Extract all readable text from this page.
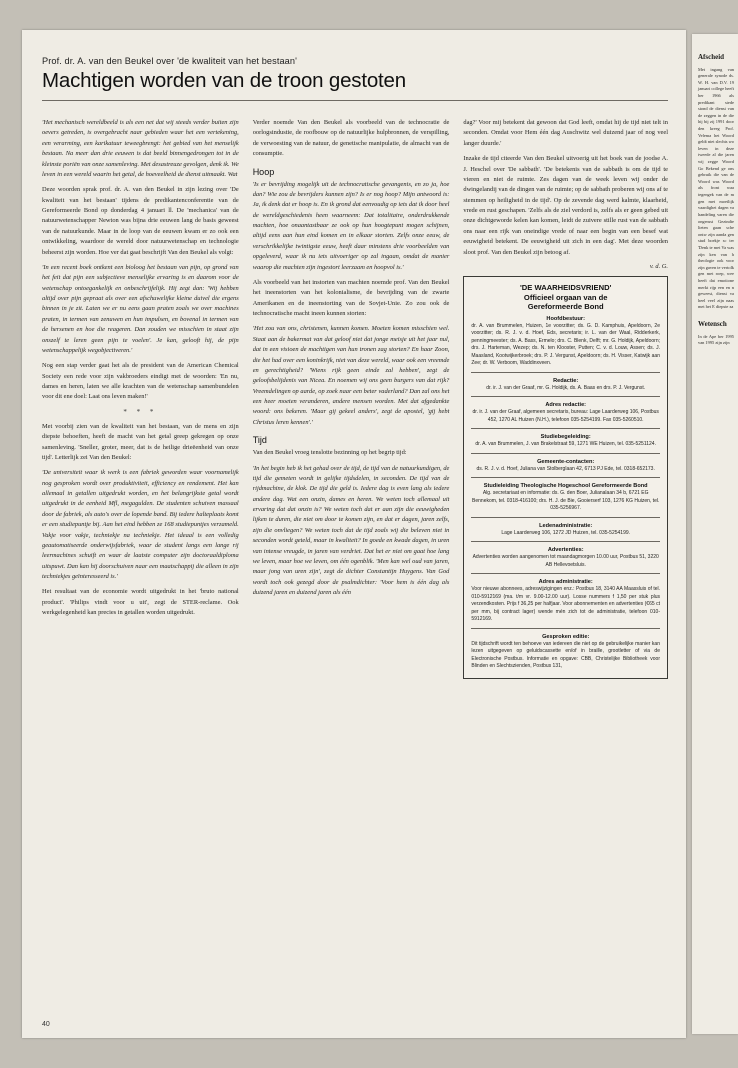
Afscheid
Met ingang van generale synode ds. W. H. van D.V. 19 januari college heeft ber 1966 als predikant stede stond de dienst van de zeggen in de die hij bij zij 1991 door den kreeg Prof. Velema het Woord geldt niet slechts wo leven in deze tweede al die jaren wij zegge Woord Go Bekend ge ons gebruik die van de Woord was Woord als front waa tegengek van de m gen met moeilijk vaardighei dagen va handeling varen die ongerust Gezindte lieten gaan sche ontw zijn aanda gen stud boekje sc ter 'Denk te met Va was zijn ken van h theologie ook voor zijn gaven te vertolk gen met roep, wee heeft dat emotione merkt rijp een en n geweest, dienst va heel veel zijn naas met het E diepste za
Wetensch
In de Ape ber 1995 van 1995 zijn zijn
Prof. dr. A. van den Beukel over 'de kwaliteit van het bestaan'
Machtigen worden van de troon gestoten

'Het mechanisch wereldbeeld is als een net dat wij steeds verder buiten zijn oevers getreden, is overgebracht naar gebieden waar het een vertekening, een verarming, een karikatuur teweegbrengt: het gebied van het menselijk bestaan. Na meer dan drie eeuwen is dat beeld binnengedrongen tot in de kleinste poriën van onze samenleving. Met desastreuze gevolgen, denk ik. We leven in een wereld waarin het getal, de hoeveelheid de dienst uitmaakt. Wat

Deze woorden sprak prof. dr. A. van den Beukel in zijn lezing over 'De kwaliteit van het bestaan' tijdens de predikantenconferentie van de Gereformeerde Bond op donderdag 4 januari ll. De 'mechanica' van de natuurwetenschapper Newton was bijna drie eeuwen lang de basis geweest van de natuurkunde. Maar in de loop van de eeuwen kwam er zo ook een ontwikkeling, waardoor de wereld door natuurwetenschap en technologie beheerst zijn worden. Hoe ver dat gaat beschrijft Van den Beukel als volgt:

'In een recent boek ontkent een bioloog het bestaan van pijn, op grond van het feit dat pijn een subjectieve menselijke ervaring is en daarom voor de wetenschap ontoegankelijk en onbeschrijfelijk. Hij zegt dan: 'Wij hebben altijd over pijn gepraat als over een afschuwelijke kleine duivel die ergens binnen in je zit. Laten we er nu eens gaan praten zoals we over machines praten, in termen van zenuwen en hun impulsen, en bovenal in termen van de hersenen en hoe die reageren. Dan zouden we misschien in staat zijn onszelf te leren geen pijn te voelen'. Je kan, gelooft hij, de pijn wetenschappelijk wegobjectiveren.'

Nog een stap verder gaat het als de president van de American Chemical Society een rede voor zijn vakbroeders eindigt met de woorden: 'En nu, dames en heren, laten we alle krachten van de wetenschap samenbundelen voor dit ene doel: Laat ons leven maken!'

* * *

Met voorbij zien van de kwaliteit van het bestaan, van de mens en zijn diepste behoeften, heeft de macht van het getal greep gekregen op onze samenleving. 'Sneller, groter, meer, dat is de heilige drieëenheid van onze tijd'. Letterlijk zei Van den Beukel:

'De universiteit waar ik werk is een fabriek geworden waar voornamelijk nog gesproken wordt over produktiviteit, efficiency en rendement. Het kan allemaal in getallen uitgedrukt worden, en het belangrijkste getal wordt uitgedrukt in de eenheid Mfl, megagulden. De studenten schuiven massaal door de fabriek, als auto's over de lopende band. Bij iedere halteplaats komt er een studiepuntje bij. Aan het eind hebben ze 168 studiepuntjes verzameld. Vakje voor vakje, techniekje na techniekje. Het ideaal is een volledig geautomatiseerde onderwijsfabriek, waar de student langs een lange rij leermachines schuift en waar de laatste computer zijn doctoraaldiploma uitspuwt. Dan kan hij doorschuiven naar een maatschappij die alleen in zijn techniekjes geïnteresseerd is.'

Het resultaat van de economie wordt uitgedrukt in het 'bruto national product'. 'Philips vindt voor u uit', zegt de STER-reclame. Ook werkgelegenheid kan precies in getallen worden uitgedrukt.

Verder noemde Van den Beukel als voorbeeld van de technocratie de oorlogsindustie, de roofbouw op de natuurlijke hulpbronnen, de verspilling, de verwoesting van de natuur, de genetische manipulatie, de almacht van de consumptie.

Hoop

'Is er bevrijding mogelijk uit de technocratische gevangenis, en zo ja, hoe dan? Wie zou de bevrijders kunnen zijn? Is er nog hoop? Mijn antwoord is: Ja, ik denk dat er hoop is. En ik grond dat eenvoudig op iets dat ik door heel de wereldgeschiedenis heen waarneem: Dat totalitaire, onderdrukkende machten, hoe onaantastbaar ze ook op hun hoogtepunt mogen schijnen, altijd eens aan hun eind komen en in elkaar storten. Zelfs onze eeuw, de verschrikkelijke twintigste eeuw, heeft daar minstens drie voorbeelden van opgeleverd, waar ik nu iets uitvoeriger op zal ingaan, omdat de manier waarop die machten zijn ingestort leerzaam en hoopvol is.'

Als voorbeeld van het instorten van machten noemde prof. Van den Beukel het ineenstorten van het kolonialisme, de bevrijding van de zwarte Amerikanen en de ineenstorting van de Sovjet-Unie. Zo zou ook de technocratische macht ineen kunnen storten:

'Het zou van ons, christenen, kunnen komen. Moeten komen misschien wel. Staat aan de bakermat van dat geloof niet dat jonge meisje uit het jaar nul, dat in een visioen de machtigen van hun tronen zag storten? En haar Zoon, die het had over een koninkrijk, niet van deze wereld, waar ook een vreemde en gerechtigheid? 'Wiens rijk geen einde zal hebben', zegt de geloofsbelijdenis van Nicea. En noemen wij ons geen burgers van dat rijk? Vreemdelingen op aarde, op zoek naar een beter vaderland? Dan zal ons het een heer moeten veranderen, andere mensen worden. Met dat afgedankte woord: ons bekeren. 'Maar gij gekeel anders', zegt de apostel, 'gij hebt Christus leren kennen'.'

Tijd

Van den Beukel vroeg tenslotte bezinning op het begrip tijd:

'In het begin heb ik het gehad over de tijd, de tijd van de natuurkundigen, de tijd die gemeten wordt in gelijke tijdsdelen, in seconden. De tijd van de rijdmachine, de klok. De tijd die geld is. Iedere dag is even lang als iedere andere dag. Wat een onzin, dames en heren. We weten toch allemaal uit ervaring dat dat onzin is? We weten toch dat er aan zijn die eeuwigheden lijken te duren, die niet om door te komen zijn, en dat er dagen, jaren zelfs, zijn die onvliegen? We weten toch dat de tijd zoals wij die beleven niet in seconden wordt geteld, maar in kwaliteit? In goede en kwade dagen, in uren van intense vreugde, in jaren van verdriet. Dat het er niet om gaat hoe lang we leven, maar hoe we leven, om één ogenblik. 'Men kan wel oud van jaren, maar jong van uren zijn', zegt de dichter Constantijn Huygens. Van God wordt toch ook gezegd door de psalmdichter: 'Voor hem is één dag als duizend jaren en duizend jaren als één

dag?' Voor mij betekent dat gewoon dat God leeft, omdat hij de tijd niet telt in seconden. Omdat voor Hem één dag Auschwitz wel duizend jaar of nog veel langer duurde.'

Inzake de tijd citeerde Van den Beukel uitvoerig uit het boek van de joodse A. J. Heschel over 'De sabbath'. 'De betekenis van de sabbath is om de tijd te vieren en niet de ruimte. Zes dagen van de week leven wij onder de dwingelandij van de dingen van de ruimte; op de sabbath proberen wij ons af te stemmen op heiligheid in de tijd'. Op de zevende dag werd kalmte, klaarheid, vrede en rust geschapen. 'Zelfs als de ziel verdord is, zelfs als er geen gebed uit onze dichtgeworde kelen kan komen, leidt de zuivere stille rust van de sabbath ons naar een rijk van oneindige vrede of naar een begin van een besef wat eeuwigheid betekent. De eeuwigheid uit zich in een dag'. Met deze woorden sloot prof. Van den Beukel zijn betoog af.

v. d. G.
'DE WAARHEIDSVRIEND'
Officieel orgaan van de
Gereformeerde Bond
Hoofdbestuur:
dr. A. van Brummelen, Huizen, 1e voorzitter; ds. G. D. Kamphuis, Apeldoorn, 2e voorzitter; ds. R. J. v. d. Hoef, Eds, secretaris; ir. L. van der Waal, Ridderkerk, penningmeester; ds. A. Bass, Ermelo; drs. C. Blenk, Delft; mr. G. Holdijk, Apeldoorn; drs. J. Harteman, Wezep; ds. N. ten Klooster, Putten; C. v. d. Louw, Assen; ds. J. Maasland, Kootwijkerbroek; drs. P. J. Vergunst, Apeldoorn; ds. H. Visser, Katwijk aan Zee; dr. W. Verboom, Waddinxveen.
Redactie:
dr. ir. J. van der Graaf, mr. G. Holdijk, ds. A. Baas en drs. P. J. Vergunst.
Adres redactie:
dr. ir. J. van der Graaf, algemeen secretaris, bureau: Lage Laarderweg 106, Postbus 452, 1270 AL Huizen (N.H.), telefoon 035-5254199. Fax 035-5260510.
Studiebegeleiding:
dr. A. van Brummelen, J. van Brakelstraat 59, 1271 WE Huizen, tel. 035-5251124.
Gemeente-contacten:
ds. R. J. v. d. Hoef, Juliana van Stolberglaan 42, 6713 PJ Ede, tel. 0318-652173.
Studieleiding Theologische Hogeschool Gereformeerde Bond
Alg. secretariaat en informatie: ds. G. den Boer, Julianalaan 34 b, 6721 EG Bennekom, tel. 0318-416100; drs. H. J. de Bie, Gooierserf 103, 1276 KG Huizen, tel. 035-5256967.
Ledenadministratie:
Lage Laarderweg 106, 1272 JD Huizen, tel. 035-5254199.
Advertenties:
Advertenties worden aangenomen tot maandagmorgen 10.00 uur, Postbus 51, 3220 AB Hellevoetsluis.
Adres administratie:
Voor nieuwe abonnees, adreswijzigingen enz.: Postbus 18, 3140 AA Maassluis of tel. 010-5912169 (ma. t/m vr. 9.00-12.00 uur). Losse nummers f 1,50 per stuk plus verzendkosten. Prijs f 36,25 per halfjaar. Voor abonnementen en advertenties (€65 ct per mm, bij contract lager) wende mén zich tot de administratie, telefoon 010-5912169.
Gesproken editie:
Dit tijdschrift wordt ten behoeve van iedereen die niet op de gebruikelijke manier kan lezen uitgegeven op geluidscassette en/of in braille, grootletter of via de Electronische Postbus. Informatie en opgave: CBB, Christelijke Bibliotheek voor Blinden en Slechtszienden, Postbus 131,
40
